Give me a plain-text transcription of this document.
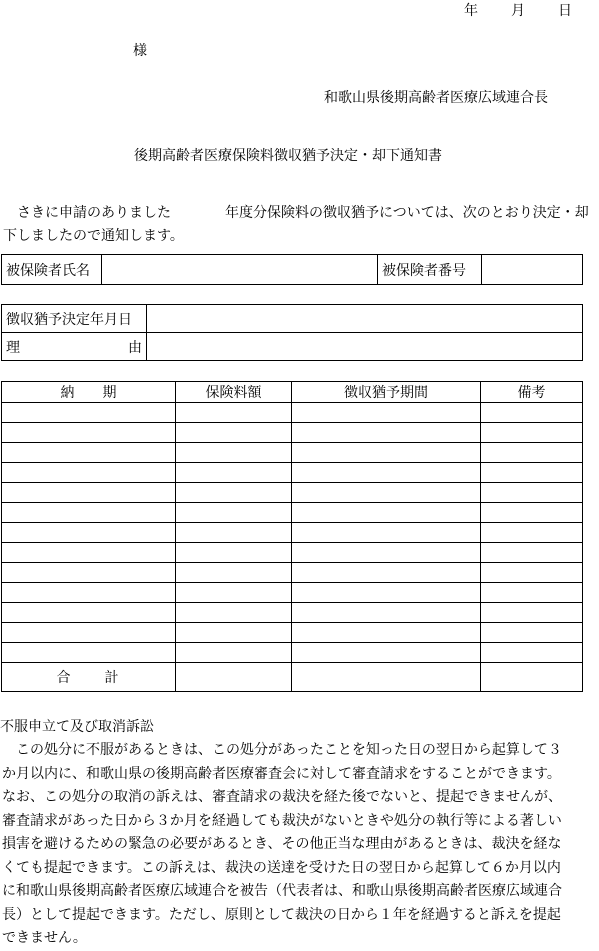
年 月 日
様
和歌山県後期高齢者医療広域連合長
後期高齢者医療保険料徴収猶予決定・却下通知書
　さきに申請のありました	年度分保険料の徴収猶予については、次のとおり決定・却下しましたので通知します。
被保険者氏名		被保険者番号	
徴収猶予決定年月日	

理 由	

納　　期	保険料額	徴収猶予期間	備考

合　　計			
不服申立て及び取消訴訟
　この処分に不服があるときは、この処分があったことを知った日の翌日から起算して３
か月以内に、和歌山県の後期高齢者医療審査会に対して審査請求をすることができます。
なお、この処分の取消の訴えは、審査請求の裁決を経た後でないと、提起できませんが、
審査請求があった日から３か月を経過しても裁決がないときや処分の執行等による著しい
損害を避けるための緊急の必要があるとき、その他正当な理由があるときは、裁決を経な
くても提起できます。この訴えは、裁決の送達を受けた日の翌日から起算して６か月以内
に和歌山県後期高齢者医療広域連合を被告（代表者は、和歌山県後期高齢者医療広域連合
長）として提起できます。ただし、原則として裁決の日から１年を経過すると訴えを提起
できません。
